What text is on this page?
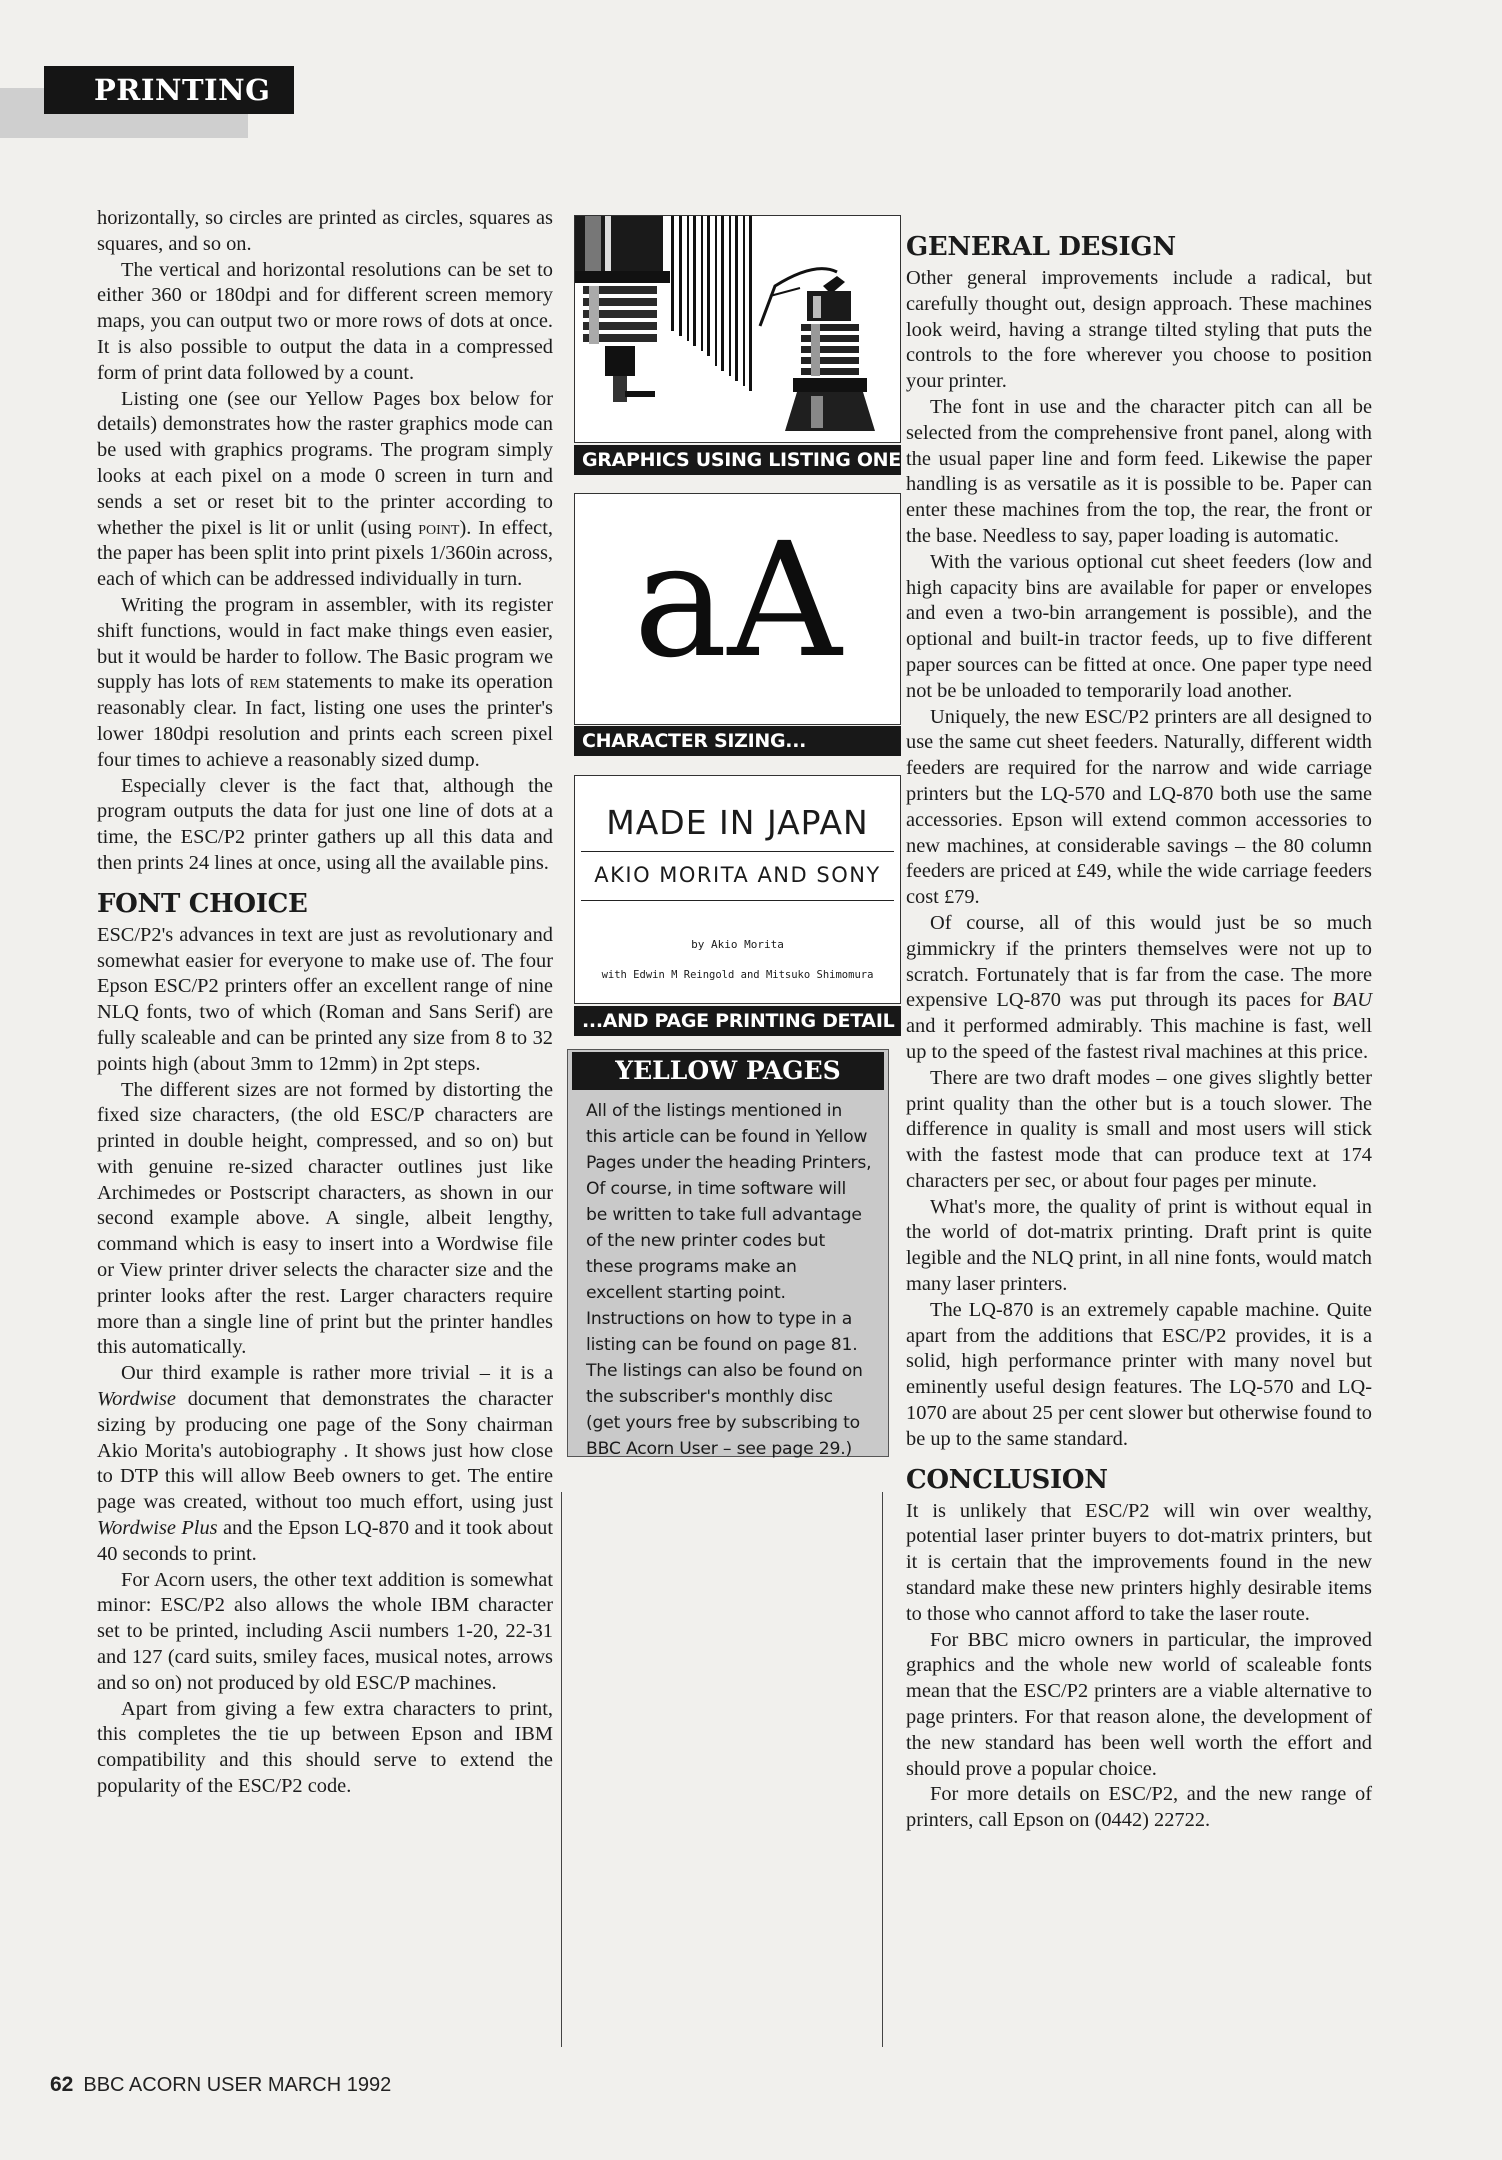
PRINTING

horizontally, so circles are printed as circles, squares as squares, and so on.

The vertical and horizontal resolutions can be set to either 360 or 180dpi and for different screen memory maps, you can output two or more rows of dots at once. It is also possible to output the data in a compressed form of print data followed by a count.

Listing one (see our Yellow Pages box below for details) demonstrates how the raster graphics mode can be used with graphics programs. The program simply looks at each pixel on a mode 0 screen in turn and sends a set or reset bit to the printer according to whether the pixel is lit or unlit (using point). In effect, the paper has been split into print pixels 1/360in across, each of which can be addressed individually in turn.

Writing the program in assembler, with its register shift functions, would in fact make things even easier, but it would be harder to follow. The Basic program we supply has lots of rem statements to make its operation reasonably clear. In fact, listing one uses the printer's lower 180dpi resolution and prints each screen pixel four times to achieve a reasonably sized dump.

Especially clever is the fact that, although the program outputs the data for just one line of dots at a time, the ESC/P2 printer gathers up all this data and then prints 24 lines at once, using all the available pins.

FONT CHOICE

ESC/P2's advances in text are just as revolutionary and somewhat easier for everyone to make use of. The four Epson ESC/P2 printers offer an excellent range of nine NLQ fonts, two of which (Roman and Sans Serif) are fully scaleable and can be printed any size from 8 to 32 points high (about 3mm to 12mm) in 2pt steps.

The different sizes are not formed by distorting the fixed size characters, (the old ESC/P characters are printed in double height, compressed, and so on) but with genuine re-sized character outlines just like Archimedes or Postscript characters, as shown in our second example above. A single, albeit lengthy, command which is easy to insert into a Wordwise file or View printer driver selects the character size and the printer looks after the rest. Larger characters require more than a single line of print but the printer handles this automatically.

Our third example is rather more trivial – it is a Wordwise document that demonstrates the character sizing by producing one page of the Sony chairman Akio Morita's autobiography . It shows just how close to DTP this will allow Beeb owners to get. The entire page was created, without too much effort, using just Wordwise Plus and the Epson LQ-870 and it took about 40 seconds to print.

For Acorn users, the other text addition is somewhat minor: ESC/P2 also allows the whole IBM character set to be printed, including Ascii numbers 1-20, 22-31 and 127 (card suits, smiley faces, musical notes, arrows and so on) not produced by old ESC/P machines.

Apart from giving a few extra characters to print, this completes the tie up between Epson and IBM compatibility and this should serve to extend the popularity of the ESC/P2 code.

GRAPHICS USING LISTING ONE
aA
CHARACTER SIZING...
MADE IN JAPAN
AKIO MORITA AND SONY
by Akio Morita
with Edwin M Reingold and Mitsuko Shimomura
...AND PAGE PRINTING DETAIL
YELLOW PAGES
All of the listings mentioned in this article can be found in Yellow Pages under the heading Printers, Of course, in time software will be written to take full advantage of the new printer codes but these programs make an excellent starting point. Instructions on how to type in a listing can be found on page 81. The listings can also be found on the subscriber's monthly disc (get yours free by subscribing to BBC Acorn User – see page 29.)
GENERAL DESIGN

Other general improvements include a radical, but carefully thought out, design approach. These machines look weird, having a strange tilted styling that puts the controls to the fore wherever you choose to position your printer.

The font in use and the character pitch can all be selected from the comprehensive front panel, along with the usual paper line and form feed. Likewise the paper handling is as versatile as it is possible to be. Paper can enter these machines from the top, the rear, the front or the base. Needless to say, paper loading is automatic.

With the various optional cut sheet feeders (low and high capacity bins are available for paper or envelopes and even a two-bin arrangement is possible), and the optional and built-in tractor feeds, up to five different paper sources can be fitted at once. One paper type need not be be unloaded to temporarily load another.

Uniquely, the new ESC/P2 printers are all designed to use the same cut sheet feeders. Naturally, different width feeders are required for the narrow and wide carriage printers but the LQ-570 and LQ-870 both use the same accessories. Epson will extend common accessories to new machines, at considerable savings – the 80 column feeders are priced at £49, while the wide carriage feeders cost £79.

Of course, all of this would just be so much gimmickry if the printers themselves were not up to scratch. Fortunately that is far from the case. The more expensive LQ-870 was put through its paces for BAU and it performed admirably. This machine is fast, well up to the speed of the fastest rival machines at this price.

There are two draft modes – one gives slightly better print quality than the other but is a touch slower. The difference in quality is small and most users will stick with the fastest mode that can produce text at 174 characters per sec, or about four pages per minute.

What's more, the quality of print is without equal in the world of dot-matrix printing. Draft print is quite legible and the NLQ print, in all nine fonts, would match many laser printers.

The LQ-870 is an extremely capable machine. Quite apart from the additions that ESC/P2 provides, it is a solid, high performance printer with many novel but eminently useful design features. The LQ-570 and LQ-1070 are about 25 per cent slower but otherwise found to be up to the same standard.

CONCLUSION

It is unlikely that ESC/P2 will win over wealthy, potential laser printer buyers to dot-matrix printers, but it is certain that the improvements found in the new standard make these new printers highly desirable items to those who cannot afford to take the laser route.

For BBC micro owners in particular, the improved graphics and the whole new world of scaleable fonts mean that the ESC/P2 printers are a viable alternative to page printers. For that reason alone, the development of the new standard has been well worth the effort and should prove a popular choice.

For more details on ESC/P2, and the new range of printers, call Epson on (0442) 22722.

62 BBC ACORN USER MARCH 1992
